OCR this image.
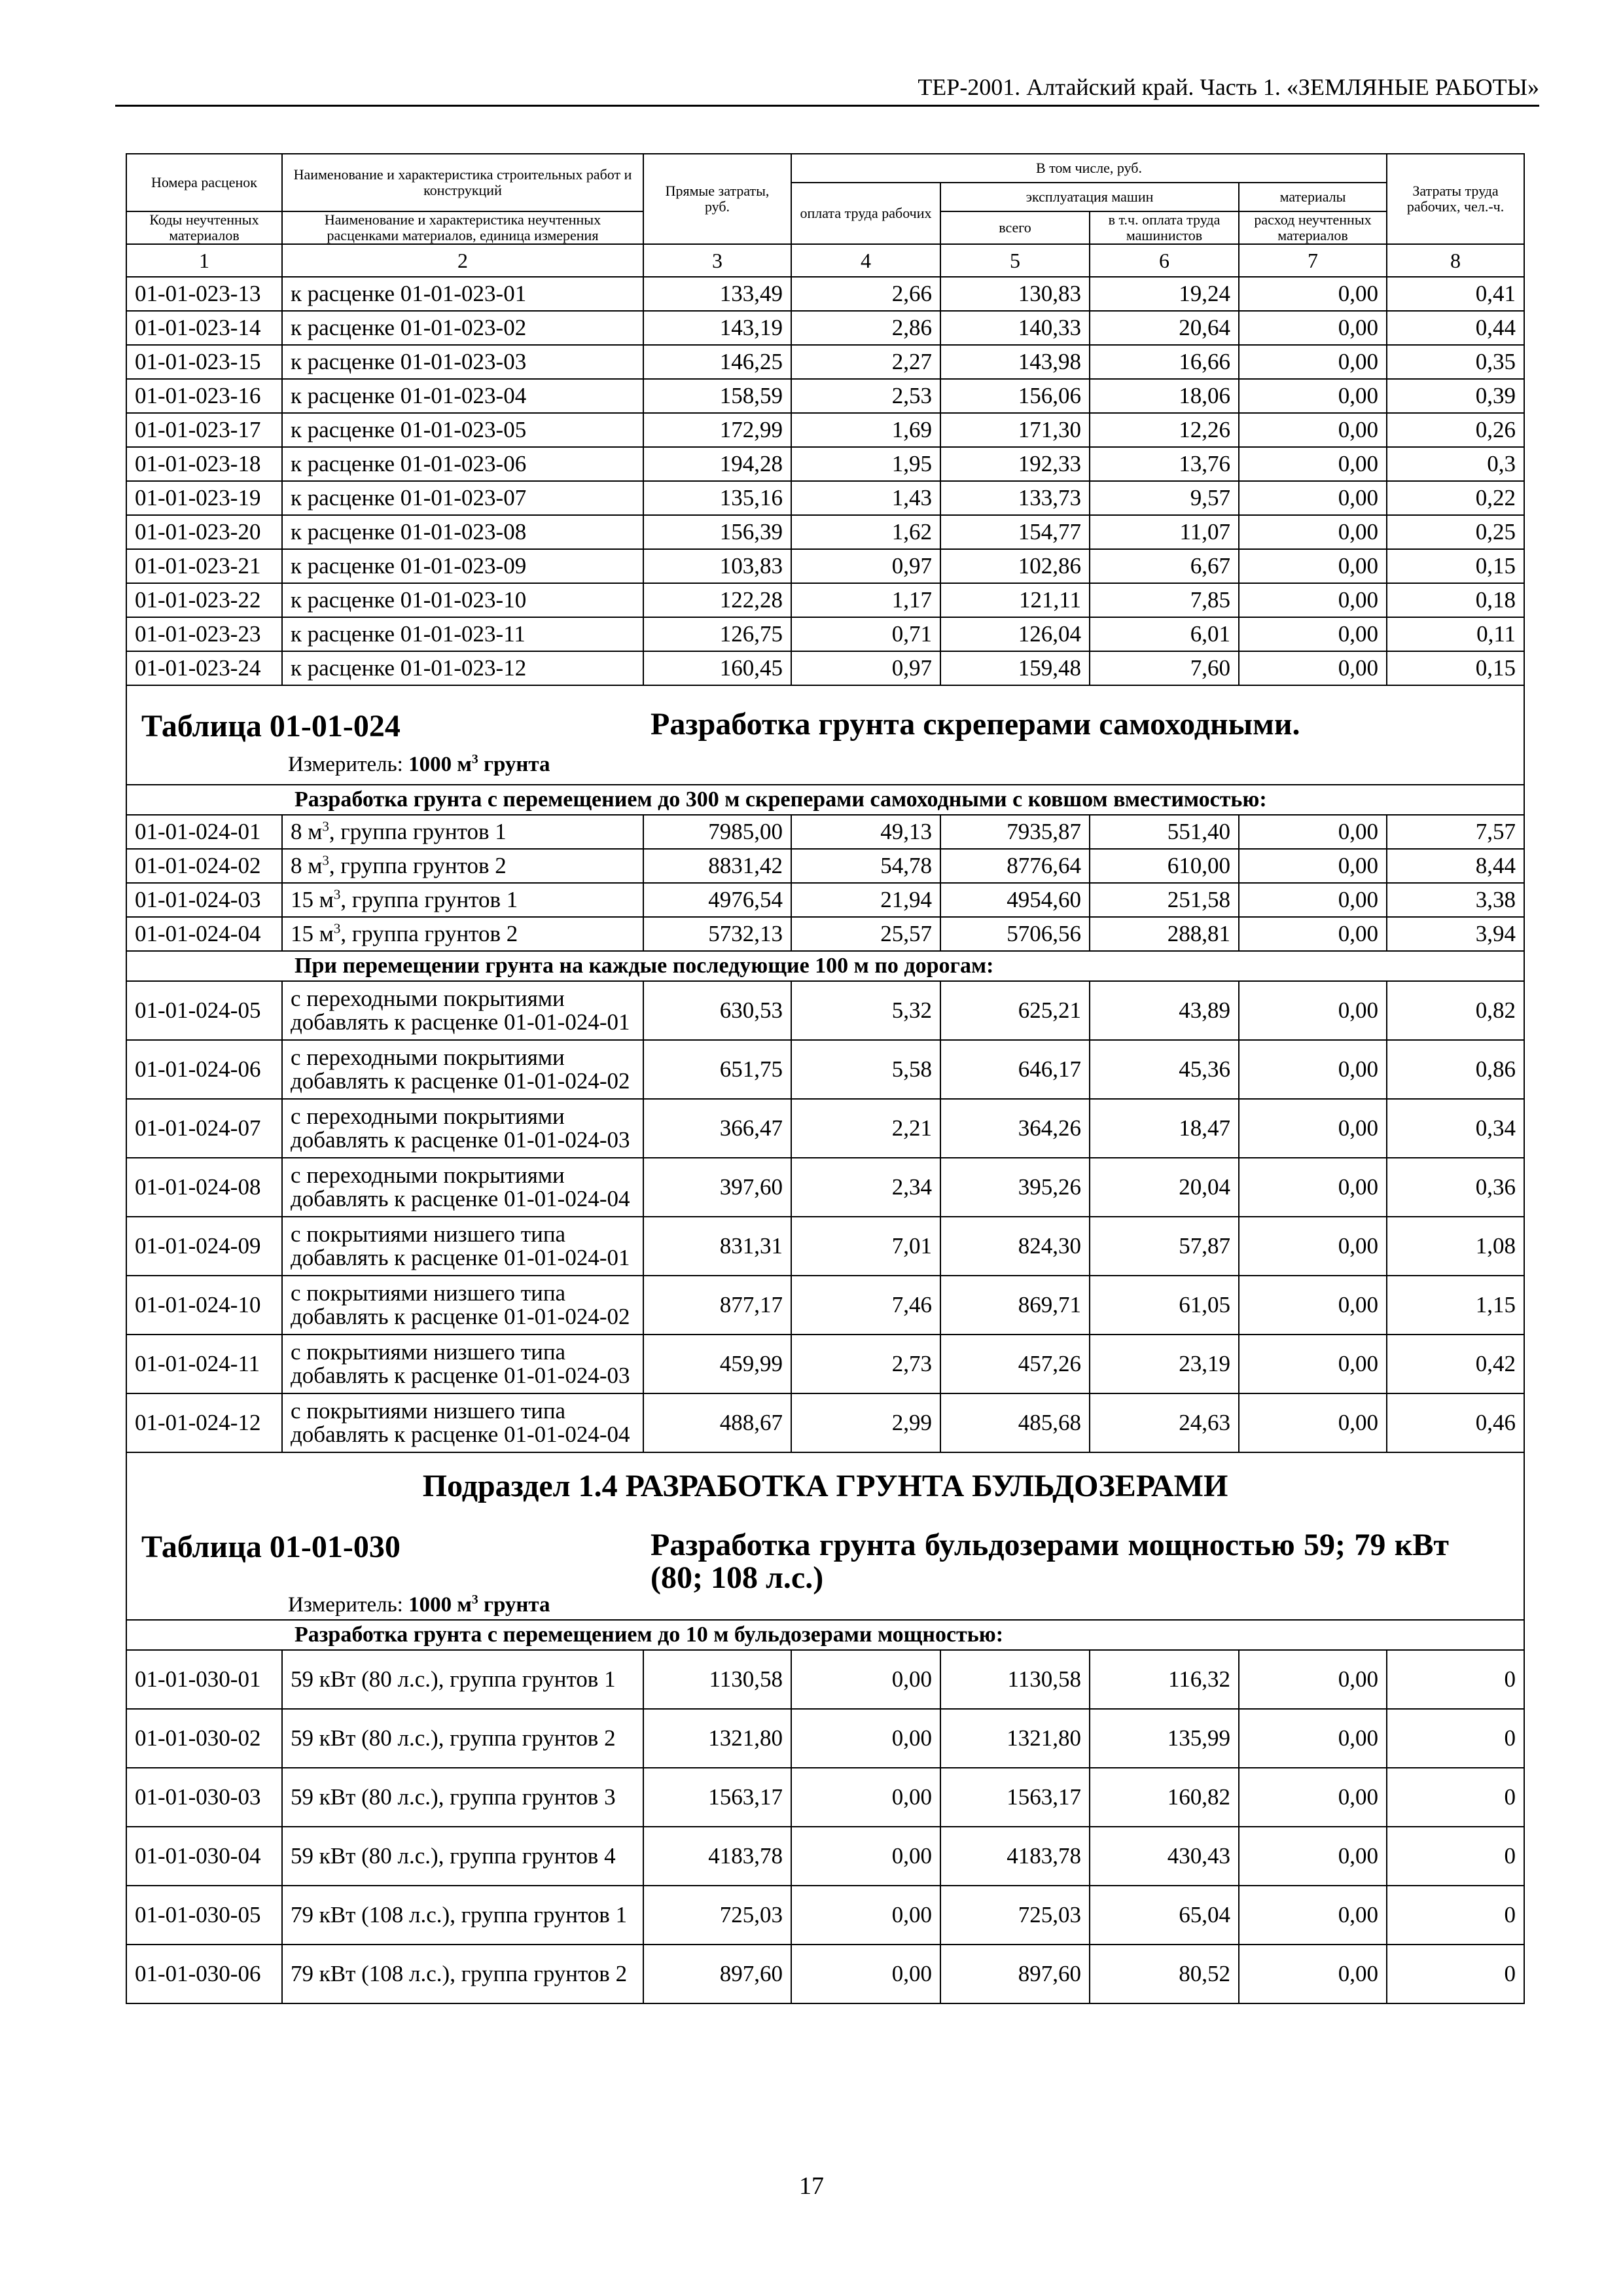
ТЕР-2001. Алтайский край. Часть 1. «ЗЕМЛЯНЫЕ РАБОТЫ»
Номера расценок	Наименование и характеристика строительных работ и конструкций	Прямые затраты, руб.	В том числе, руб.				Затраты труда рабочих, чел.-ч.
			оплата труда рабочих	эксплуатация машин		материалы	
Коды неучтенных материалов	Наименование и характеристика неучтенных расценками материалов, единица измерения			всего	в т.ч. оплата труда машинистов	расход неучтенных материалов	

1	2	3	4	5	6	7	8
01-01-023-13	к расценке 01-01-023-01	133,49	2,66	130,83	19,24	0,00	0,41
01-01-023-14	к расценке 01-01-023-02	143,19	2,86	140,33	20,64	0,00	0,44
01-01-023-15	к расценке 01-01-023-03	146,25	2,27	143,98	16,66	0,00	0,35
01-01-023-16	к расценке 01-01-023-04	158,59	2,53	156,06	18,06	0,00	0,39
01-01-023-17	к расценке 01-01-023-05	172,99	1,69	171,30	12,26	0,00	0,26
01-01-023-18	к расценке 01-01-023-06	194,28	1,95	192,33	13,76	0,00	0,3
01-01-023-19	к расценке 01-01-023-07	135,16	1,43	133,73	9,57	0,00	0,22
01-01-023-20	к расценке 01-01-023-08	156,39	1,62	154,77	11,07	0,00	0,25
01-01-023-21	к расценке 01-01-023-09	103,83	0,97	102,86	6,67	0,00	0,15
01-01-023-22	к расценке 01-01-023-10	122,28	1,17	121,11	7,85	0,00	0,18
01-01-023-23	к расценке 01-01-023-11	126,75	0,71	126,04	6,01	0,00	0,11
01-01-023-24	к расценке 01-01-023-12	160,45	0,97	159,48	7,60	0,00	0,15

Таблица 01-01-024 Разработка грунта скреперами самоходными.
Измеритель: 1000 $м^3$ грунта							

Разработка грунта с перемещением до 300 м скреперами самоходными с ковшом вместимостью:							
01-01-024-01	8 $м^3$, группа грунтов 1	7985,00	49,13	7935,87	551,40	0,00	7,57
01-01-024-02	8 $м^3$, группа грунтов 2	8831,42	54,78	8776,64	610,00	0,00	8,44
01-01-024-03	15 $м^3$, группа грунтов 1	4976,54	21,94	4954,60	251,58	0,00	3,38
01-01-024-04	15 $м^3$, группа грунтов 2	5732,13	25,57	5706,56	288,81	0,00	3,94
При перемещении грунта на каждые последующие 100 м по дорогам:							
01-01-024-05	с переходными покрытиями добавлять к расценке 01-01-024-01	630,53	5,32	625,21	43,89	0,00	0,82
01-01-024-06	с переходными покрытиями добавлять к расценке 01-01-024-02	651,75	5,58	646,17	45,36	0,00	0,86
01-01-024-07	с переходными покрытиями добавлять к расценке 01-01-024-03	366,47	2,21	364,26	18,47	0,00	0,34
01-01-024-08	с переходными покрытиями добавлять к расценке 01-01-024-04	397,60	2,34	395,26	20,04	0,00	0,36
01-01-024-09	с покрытиями низшего типа добавлять к расценке 01-01-024-01	831,31	7,01	824,30	57,87	0,00	1,08
01-01-024-10	с покрытиями низшего типа добавлять к расценке 01-01-024-02	877,17	7,46	869,71	61,05	0,00	1,15
01-01-024-11	с покрытиями низшего типа добавлять к расценке 01-01-024-03	459,99	2,73	457,26	23,19	0,00	0,42
01-01-024-12	с покрытиями низшего типа добавлять к расценке 01-01-024-04	488,67	2,99	485,68	24,63	0,00	0,46
Подраздел 1.4 РАЗРАБОТКА ГРУНТА БУЛЬДОЗЕРАМИ							

Таблица 01-01-030 Разработка грунта бульдозерами мощностью 59; 79 кВт (80; 108 л.с.)
Измеритель: 1000 $м^3$ грунта							

Разработка грунта с перемещением до 10 м бульдозерами мощностью:							
01-01-030-01	59 кВт (80 л.с.), группа грунтов 1	1130,58	0,00	1130,58	116,32	0,00	0
01-01-030-02	59 кВт (80 л.с.), группа грунтов 2	1321,80	0,00	1321,80	135,99	0,00	0
01-01-030-03	59 кВт (80 л.с.), группа грунтов 3	1563,17	0,00	1563,17	160,82	0,00	0
01-01-030-04	59 кВт (80 л.с.), группа грунтов 4	4183,78	0,00	4183,78	430,43	0,00	0
01-01-030-05	79 кВт (108 л.с.), группа грунтов 1	725,03	0,00	725,03	65,04	0,00	0
01-01-030-06	79 кВт (108 л.с.), группа грунтов 2	897,60	0,00	897,60	80,52	0,00	0
17
